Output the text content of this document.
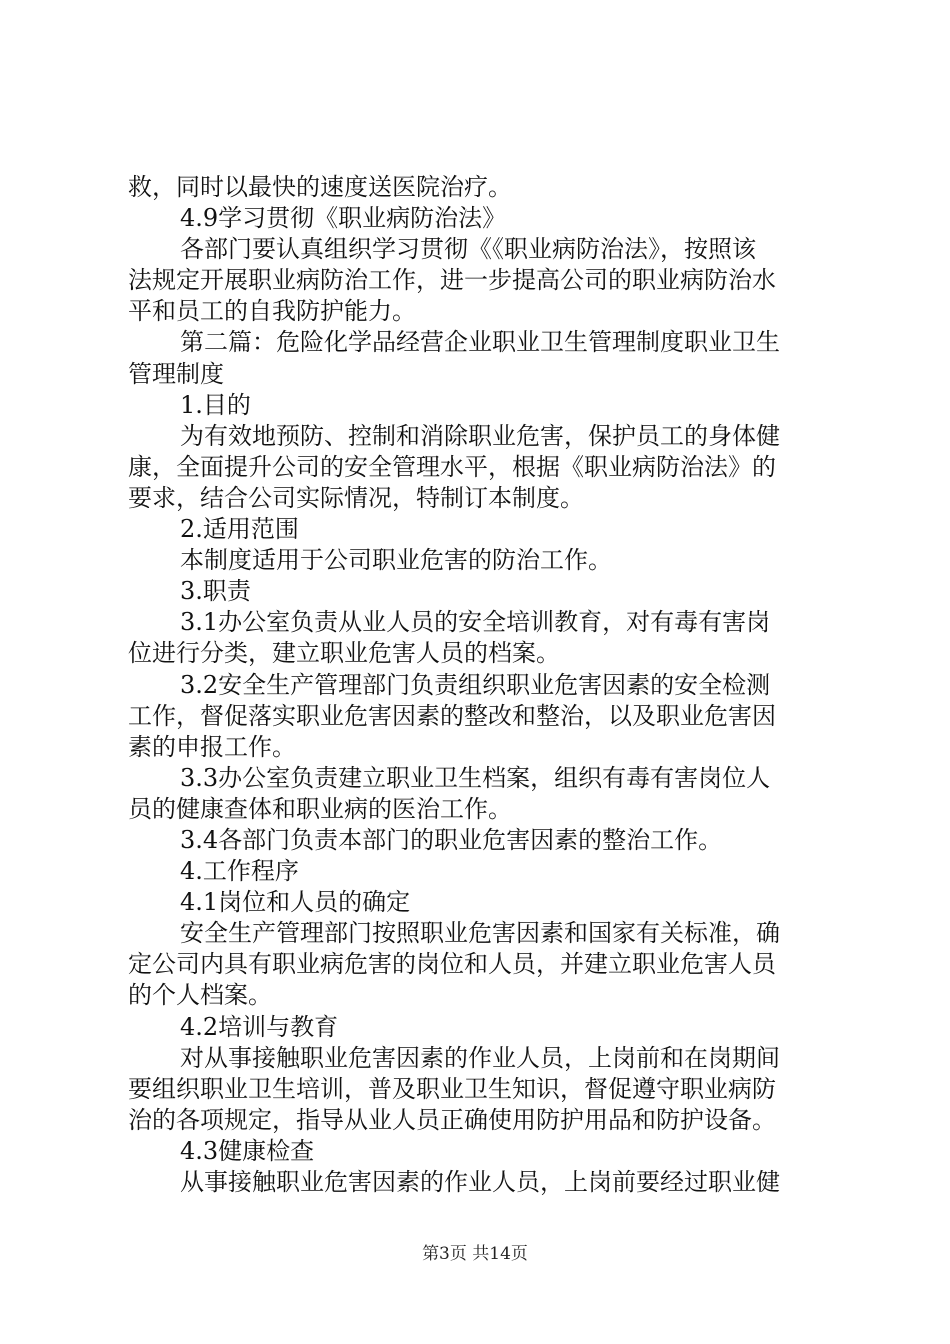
救，同时以最快的速度送医院治疗。
4.9学习贯彻《职业病防治法》
各部门要认真组织学习贯彻《《职业病防治法》，按照该
法规定开展职业病防治工作，进一步提高公司的职业病防治水
平和员工的自我防护能力。
第二篇：危险化学品经营企业职业卫生管理制度职业卫生
管理制度
1.目的
为有效地预防、控制和消除职业危害，保护员工的身体健
康，全面提升公司的安全管理水平，根据《职业病防治法》的
要求，结合公司实际情况，特制订本制度。
2.适用范围
本制度适用于公司职业危害的防治工作。
3.职责
3.1办公室负责从业人员的安全培训教育，对有毒有害岗
位进行分类，建立职业危害人员的档案。
3.2安全生产管理部门负责组织职业危害因素的安全检测
工作，督促落实职业危害因素的整改和整治，以及职业危害因
素的申报工作。
3.3办公室负责建立职业卫生档案，组织有毒有害岗位人
员的健康查体和职业病的医治工作。
3.4各部门负责本部门的职业危害因素的整治工作。
4.工作程序
4.1岗位和人员的确定
安全生产管理部门按照职业危害因素和国家有关标准，确
定公司内具有职业病危害的岗位和人员，并建立职业危害人员
的个人档案。
4.2培训与教育
对从事接触职业危害因素的作业人员，上岗前和在岗期间
要组织职业卫生培训，普及职业卫生知识，督促遵守职业病防
治的各项规定，指导从业人员正确使用防护用品和防护设备。
4.3健康检查
从事接触职业危害因素的作业人员，上岗前要经过职业健
第3页 共14页
